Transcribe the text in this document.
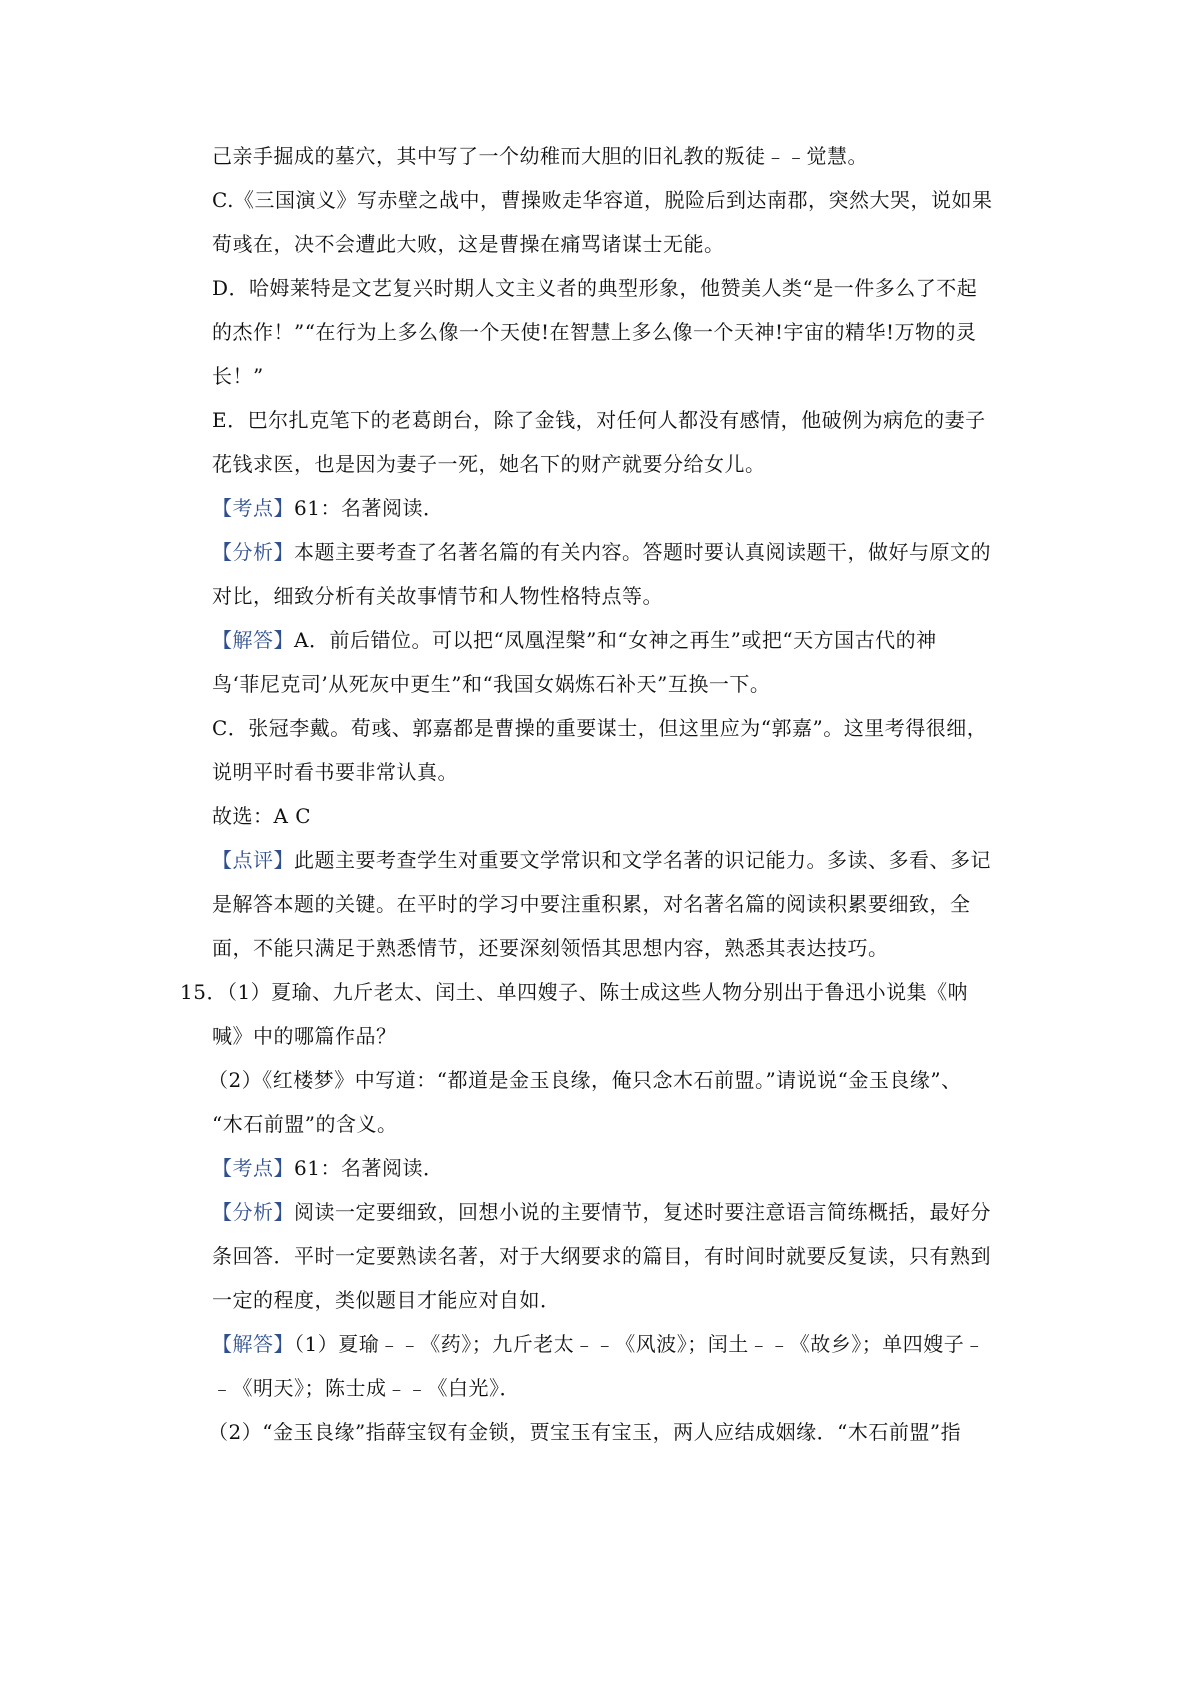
己亲手掘成的墓穴，其中写了一个幼稚而大胆的旧礼教的叛徒﹣﹣觉慧。
C.《三国演义》写赤壁之战中，曹操败走华容道，脱险后到达南郡，突然大哭，说如果
荀彧在，决不会遭此大败，这是曹操在痛骂诸谋士无能。
D．哈姆莱特是文艺复兴时期人文主义者的典型形象，他赞美人类“是一件多么了不起
的杰作！”“在行为上多么像一个天使!在智慧上多么像一个天神!宇宙的精华!万物的灵
长！”
E．巴尔扎克笔下的老葛朗台，除了金钱，对任何人都没有感情，他破例为病危的妻子
花钱求医，也是因为妻子一死，她名下的财产就要分给女儿。
【考点】61：名著阅读．
【分析】本题主要考查了名著名篇的有关内容。答题时要认真阅读题干，做好与原文的
对比，细致分析有关故事情节和人物性格特点等。
【解答】A．前后错位。可以把“凤凰涅槃”和“女神之再生”或把“天方国古代的神
鸟‘菲尼克司’从死灰中更生”和“我国女娲炼石补天”互换一下。
C．张冠李戴。荀彧、郭嘉都是曹操的重要谋士，但这里应为“郭嘉”。这里考得很细，
说明平时看书要非常认真。
故选：A C
【点评】此题主要考查学生对重要文学常识和文学名著的识记能力。多读、多看、多记
是解答本题的关键。在平时的学习中要注重积累，对名著名篇的阅读积累要细致，全
面，不能只满足于熟悉情节，还要深刻领悟其思想内容，熟悉其表达技巧。
15．（1）夏瑜、九斤老太、闰土、单四嫂子、陈士成这些人物分别出于鲁迅小说集《呐
喊》中的哪篇作品？
（2）《红楼梦》中写道：“都道是金玉良缘，俺只念木石前盟。”请说说“金玉良缘”、
“木石前盟”的含义。
【考点】61：名著阅读．
【分析】阅读一定要细致，回想小说的主要情节，复述时要注意语言简练概括，最好分
条回答．平时一定要熟读名著，对于大纲要求的篇目，有时间时就要反复读，只有熟到
一定的程度，类似题目才能应对自如．
【解答】（1）夏瑜﹣﹣《药》；九斤老太﹣﹣《风波》；闰土﹣﹣《故乡》；单四嫂子﹣
﹣《明天》；陈士成﹣﹣《白光》．
（2）“金玉良缘”指薛宝钗有金锁，贾宝玉有宝玉，两人应结成姻缘．“木石前盟”指
